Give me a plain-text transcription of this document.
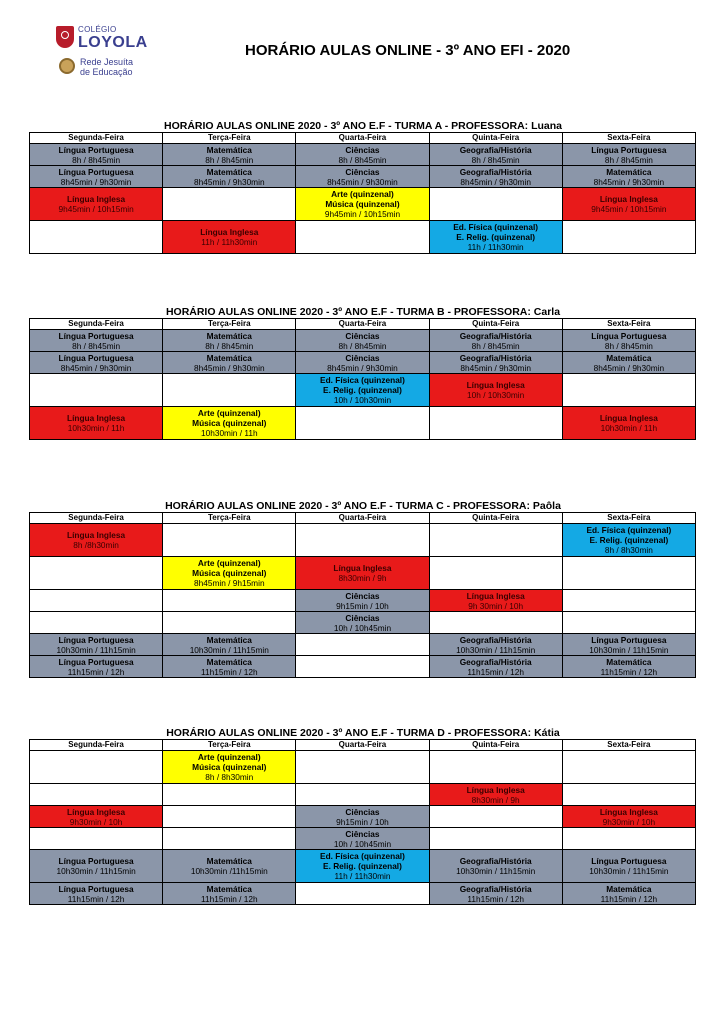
COLÉGIO
LOYOLA
Rede Jesuíta
de Educação
HORÁRIO AULAS ONLINE - 3º ANO EFI - 2020
HORÁRIO AULAS ONLINE 2020 - 3º ANO E.F - TURMA A - PROFESSORA: Luana
Segunda-Feira	Terça-Feira	Quarta-Feira	Quinta-Feira	Sexta-Feira

Língua Portuguesa
8h / 8h45min	Matemática
8h / 8h45min	Ciências
8h / 8h45min	Geografia/História
8h / 8h45min	Língua Portuguesa
8h / 8h45min

Língua Portuguesa
8h45min / 9h30min	Matemática
8h45min / 9h30min	Ciências
8h45min / 9h30min	Geografia/História
8h45min / 9h30min	Matemática
8h45min / 9h30min

Língua Inglesa
9h45min / 10h15min		Arte (quinzenal)
Música (quinzenal)
9h45min / 10h15min		Língua Inglesa
9h45min / 10h15min

	Língua Inglesa
11h / 11h30min		Ed. Física (quinzenal)
E. Relig. (quinzenal)
11h / 11h30min	

HORÁRIO AULAS ONLINE 2020 - 3º ANO E.F - TURMA B - PROFESSORA: Carla
Segunda-Feira	Terça-Feira	Quarta-Feira	Quinta-Feira	Sexta-Feira

Língua Portuguesa
8h / 8h45min	Matemática
8h / 8h45min	Ciências
8h / 8h45min	Geografia/História
8h / 8h45min	Língua Portuguesa
8h / 8h45min

Língua Portuguesa
8h45min / 9h30min	Matemática
8h45min / 9h30min	Ciências
8h45min / 9h30min	Geografia/História
8h45min / 9h30min	Matemática
8h45min / 9h30min

		Ed. Física (quinzenal)
E. Relig. (quinzenal)
10h / 10h30min	Língua Inglesa
10h / 10h30min	

Língua Inglesa
10h30min / 11h	Arte (quinzenal)
Música (quinzenal)
10h30min / 11h			Língua Inglesa
10h30min / 11h
HORÁRIO AULAS ONLINE 2020 - 3º ANO E.F - TURMA C - PROFESSORA: Paôla
Segunda-Feira	Terça-Feira	Quarta-Feira	Quinta-Feira	Sexta-Feira

Língua Inglesa
8h /8h30min				Ed. Física (quinzenal)
E. Relig. (quinzenal)
8h / 8h30min

	Arte (quinzenal)
Música (quinzenal)
8h45min / 9h15min	Língua Inglesa
8h30min / 9h		

		Ciências
9h15min / 10h	Língua Inglesa
9h 30min / 10h	

		Ciências
10h / 10h45min		

Língua Portuguesa
10h30min / 11h15min	Matemática
10h30min / 11h15min		Geografia/História
10h30min / 11h15min	Língua Portuguesa
10h30min / 11h15min

Língua Portuguesa
11h15min / 12h	Matemática
11h15min / 12h		Geografia/História
11h15min / 12h	Matemática
11h15min / 12h
HORÁRIO AULAS ONLINE 2020 - 3º ANO E.F - TURMA D - PROFESSORA: Kátia
Segunda-Feira	Terça-Feira	Quarta-Feira	Quinta-Feira	Sexta-Feira

	Arte (quinzenal)
Música (quinzenal)
8h / 8h30min			

			Língua Inglesa
8h30min / 9h	

Língua Inglesa
9h30min / 10h		Ciências
9h15min / 10h		Língua Inglesa
9h30min / 10h

		Ciências
10h / 10h45min		

Língua Portuguesa
10h30min / 11h15min	Matemática
10h30min /11h15min	Ed. Física (quinzenal)
E. Relig. (quinzenal)
11h / 11h30min	Geografia/História
10h30min / 11h15min	Língua Portuguesa
10h30min / 11h15min

Língua Portuguesa
11h15min / 12h	Matemática
11h15min / 12h		Geografia/História
11h15min / 12h	Matemática
11h15min / 12h
